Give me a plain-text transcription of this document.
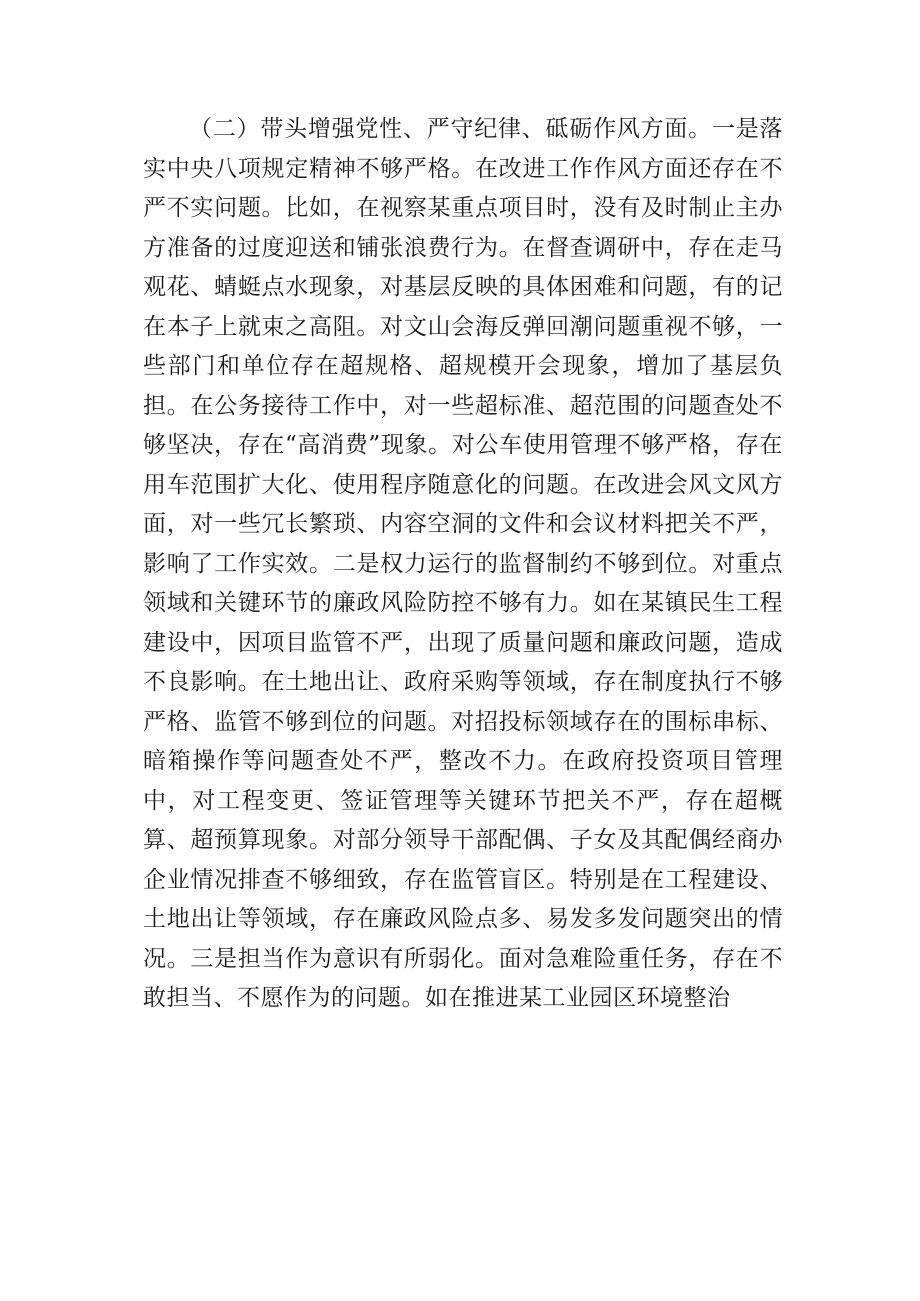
（二）带头增强党性、严守纪律、砥砺作风方面。一是落实中央八项规定精神不够严格。在改进工作作风方面还存在不严不实问题。比如，在视察某重点项目时，没有及时制止主办方准备的过度迎送和铺张浪费行为。在督查调研中，存在走马观花、蜻蜓点水现象，对基层反映的具体困难和问题，有的记在本子上就束之高阻。对文山会海反弹回潮问题重视不够，一些部门和单位存在超规格、超规模开会现象，增加了基层负担。在公务接待工作中，对一些超标准、超范围的问题查处不够坚决，存在“高消费”现象。对公车使用管理不够严格，存在用车范围扩大化、使用程序随意化的问题。在改进会风文风方面，对一些冗长繁琐、内容空洞的文件和会议材料把关不严，影响了工作实效。二是权力运行的监督制约不够到位。对重点领域和关键环节的廉政风险防控不够有力。如在某镇民生工程建设中，因项目监管不严，出现了质量问题和廉政问题，造成不良影响。在土地出让、政府采购等领域，存在制度执行不够严格、监管不够到位的问题。对招投标领域存在的围标串标、暗箱操作等问题查处不严，整改不力。在政府投资项目管理中，对工程变更、签证管理等关键环节把关不严，存在超概算、超预算现象。对部分领导干部配偶、子女及其配偶经商办企业情况排查不够细致，存在监管盲区。特别是在工程建设、土地出让等领域，存在廉政风险点多、易发多发问题突出的情况。三是担当作为意识有所弱化。面对急难险重任务，存在不敢担当、不愿作为的问题。如在推进某工业园区环境整治
